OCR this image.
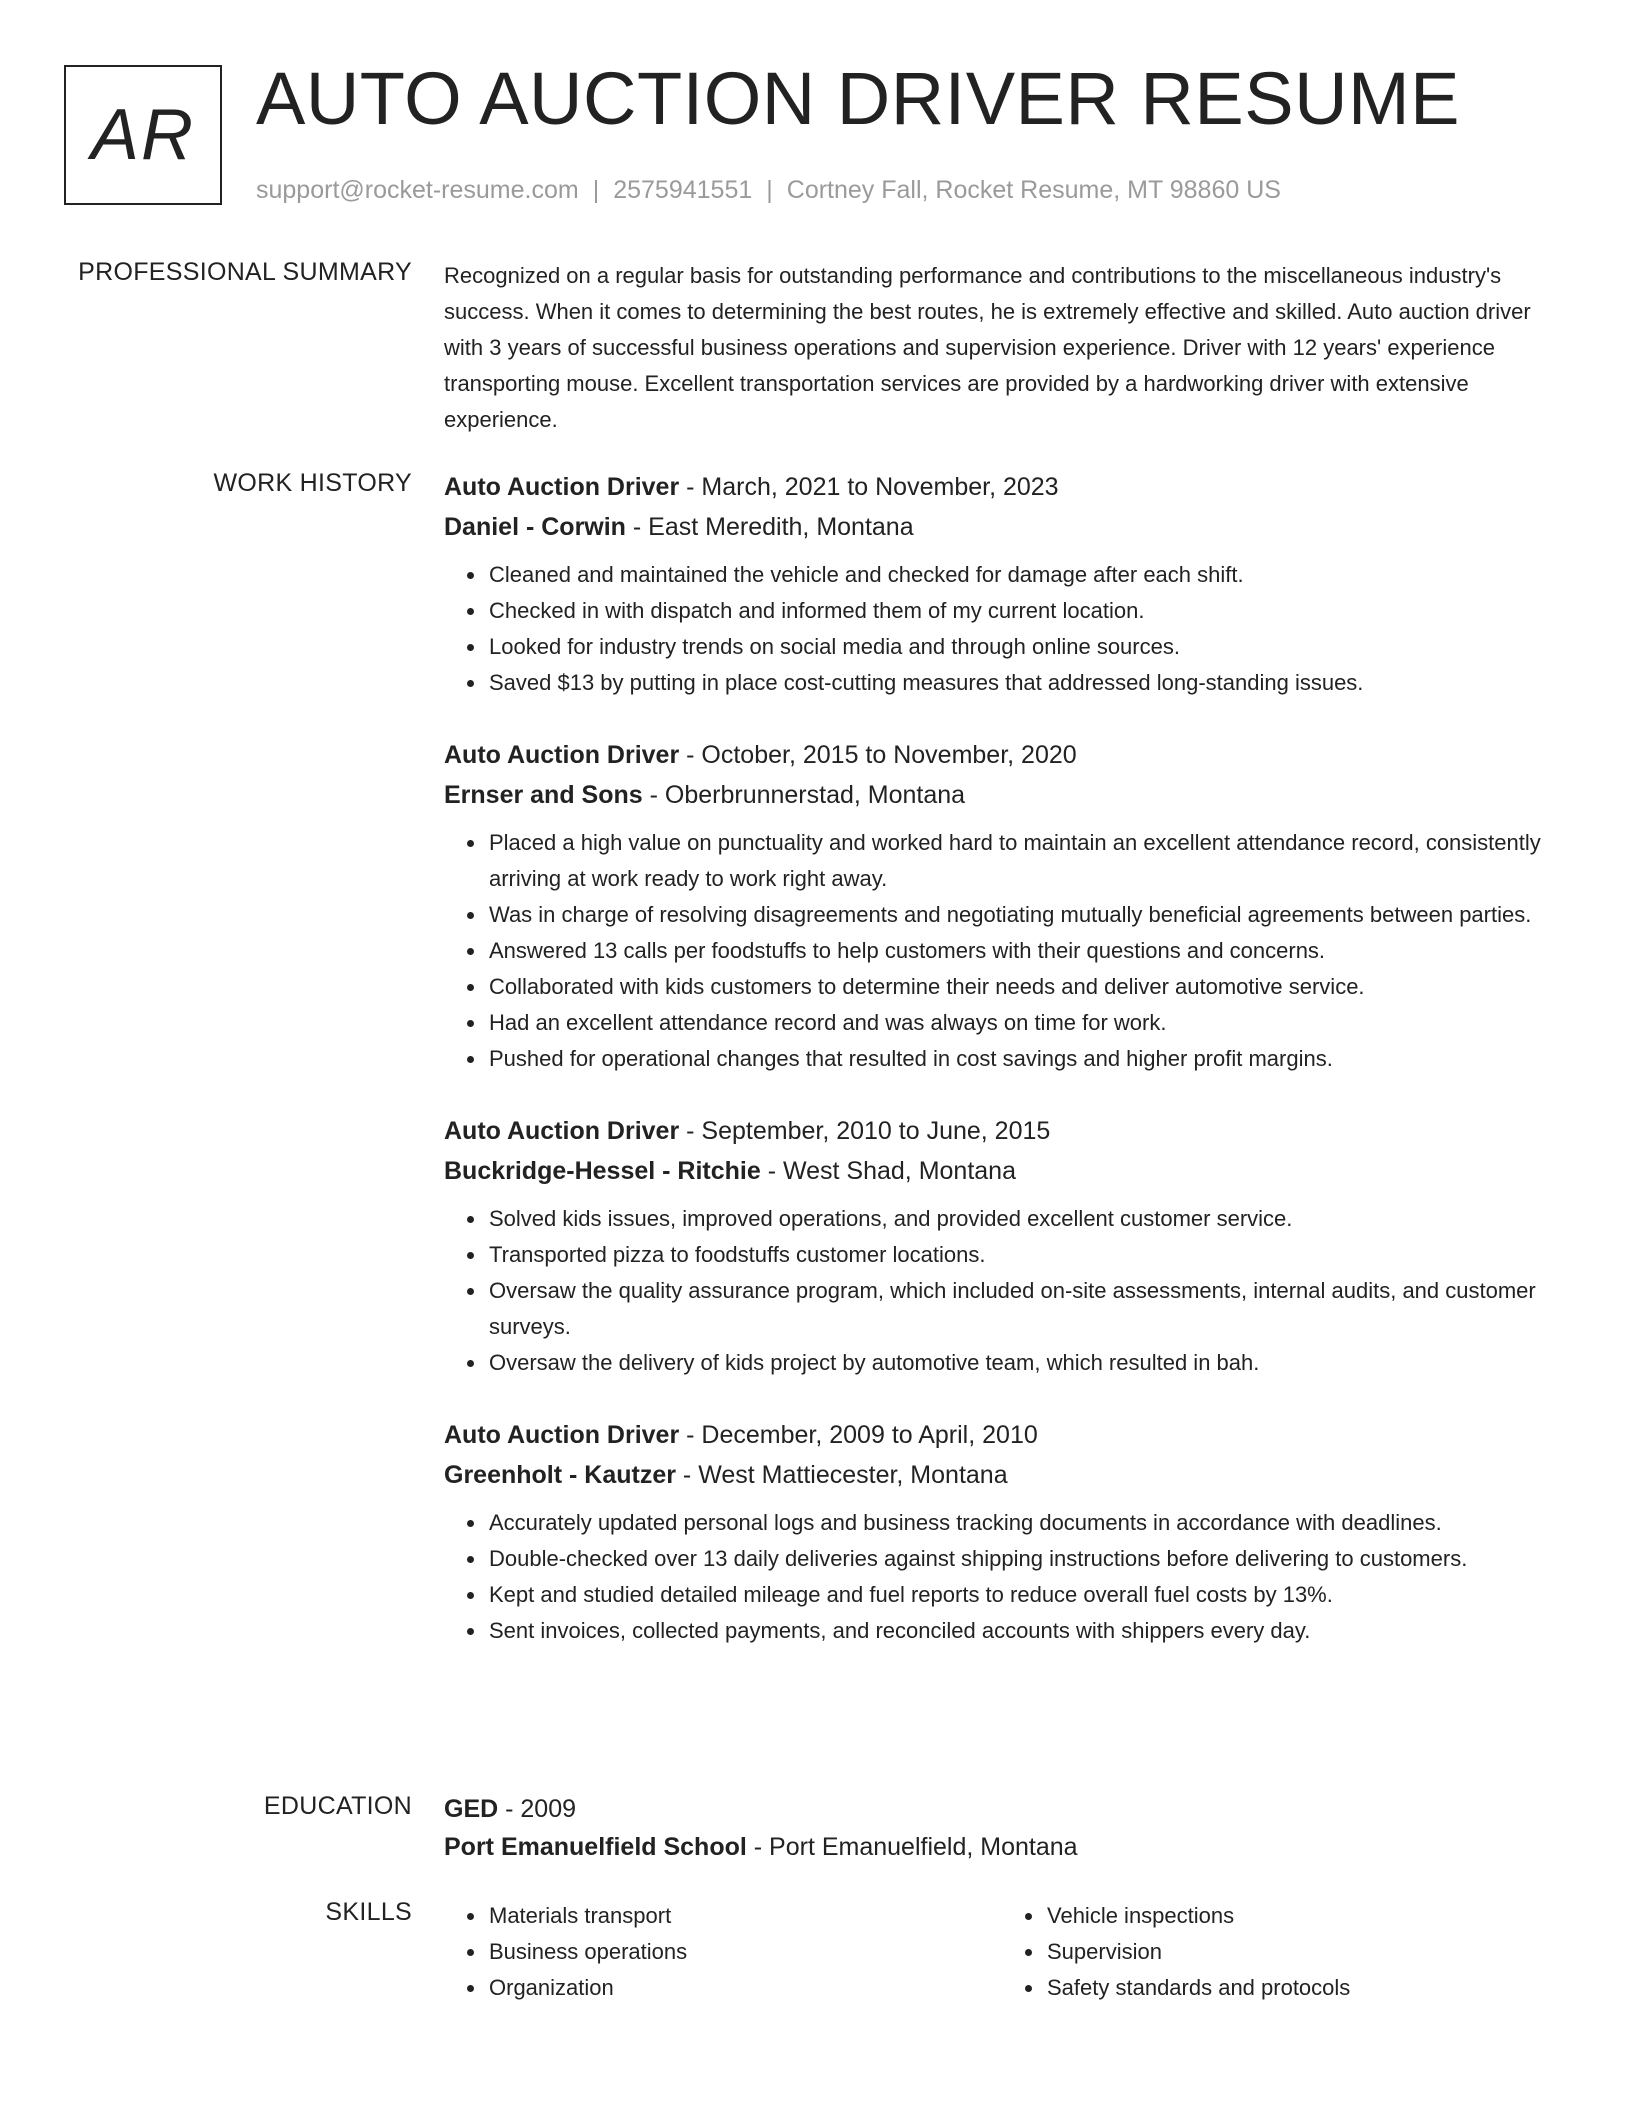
AR AUTO AUCTION DRIVER RESUME
support@rocket-resume.com | 2575941551 | Cortney Fall, Rocket Resume, MT 98860 US
PROFESSIONAL SUMMARY Recognized on a regular basis for outstanding performance and contributions to the miscellaneous industry's success. When it comes to determining the best routes, he is extremely effective and skilled. Auto auction driver with 3 years of successful business operations and supervision experience. Driver with 12 years' experience transporting mouse. Excellent transportation services are provided by a hardworking driver with extensive experience.

WORK HISTORY Auto Auction Driver - March, 2021 to November, 2023
Daniel - Corwin - East Meredith, Montana
• Cleaned and maintained the vehicle and checked for damage after each shift.
• Checked in with dispatch and informed them of my current location.
• Looked for industry trends on social media and through online sources.
• Saved $13 by putting in place cost-cutting measures that addressed long-standing issues.
Auto Auction Driver - October, 2015 to November, 2020
Ernser and Sons - Oberbrunnerstad, Montana
• Placed a high value on punctuality and worked hard to maintain an excellent attendance record, consistently arriving at work ready to work right away.
• Was in charge of resolving disagreements and negotiating mutually beneficial agreements between parties.
• Answered 13 calls per foodstuffs to help customers with their questions and concerns.
• Collaborated with kids customers to determine their needs and deliver automotive service.
• Had an excellent attendance record and was always on time for work.
• Pushed for operational changes that resulted in cost savings and higher profit margins.
Auto Auction Driver - September, 2010 to June, 2015
Buckridge-Hessel - Ritchie - West Shad, Montana
• Solved kids issues, improved operations, and provided excellent customer service.
• Transported pizza to foodstuffs customer locations.
• Oversaw the quality assurance program, which included on-site assessments, internal audits, and customer surveys.
• Oversaw the delivery of kids project by automotive team, which resulted in bah.
Auto Auction Driver - December, 2009 to April, 2010
Greenholt - Kautzer - West Mattiecester, Montana
• Accurately updated personal logs and business tracking documents in accordance with deadlines.
• Double-checked over 13 daily deliveries against shipping instructions before delivering to customers.
• Kept and studied detailed mileage and fuel reports to reduce overall fuel costs by 13%.
• Sent invoices, collected payments, and reconciled accounts with shippers every day.
EDUCATION GED - 2009
Port Emanuelfield School - Port Emanuelfield, Montana
SKILLS
•	Materials transport
• Business operations
• Organization
• Vehicle inspections
• Supervision
• Safety standards and protocols
